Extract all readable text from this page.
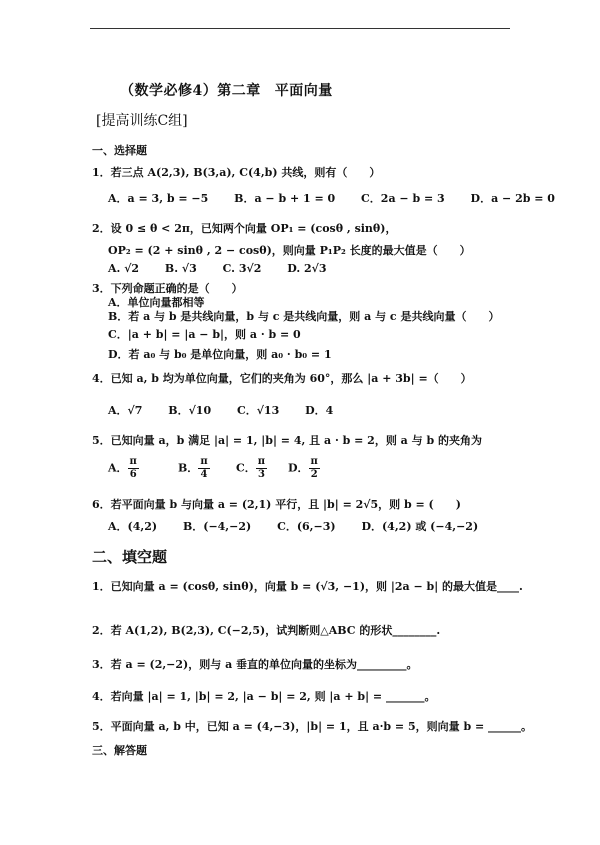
（数学必修4）第二章 平面向量
[提高训练C组]
一、选择题
1．若三点 A(2,3), B(3,a), C(4,b) 共线，则有（　　）
A．a = 3, b = −5 B．a − b + 1 = 0 C．2a − b = 3 D．a − 2b = 0
2．设 0 ≤ θ < 2π，已知两个向量 OP₁ = (cosθ , sinθ)，
OP₂ = (2 + sinθ , 2 − cosθ)，则向量 P₁P₂ 长度的最大值是（　　）
A. √2 B. √3 C. 3√2 D. 2√3
3．下列命题正确的是（　　）
A．单位向量都相等
B．若 a 与 b 是共线向量，b 与 c 是共线向量，则 a 与 c 是共线向量（　　）
C．|a + b| = |a − b|，则 a · b = 0
D．若 a₀ 与 b₀ 是单位向量，则 a₀ · b₀ = 1
4．已知 a, b 均为单位向量，它们的夹角为 60°，那么 |a + 3b| =（　　）
A．√7 B．√10 C．√13 D．4
5．已知向量 a，b 满足 |a| = 1, |b| = 4, 且 a · b = 2，则 a 与 b 的夹角为
A． $\frac{\pi}{6}$	B． $\frac{\pi}{4}$ C． $\frac{\pi}{3}$ D． $\frac{\pi}{2}$
6．若平面向量 b 与向量 a = (2,1) 平行，且 |b| = 2√5，则 b = (　　)
A．(4,2) B．(−4,−2) C．(6,−3) D．(4,2) 或 (−4,−2)
二、填空题
1．已知向量 a = (cosθ, sinθ)，向量 b = (√3, −1)，则 |2a − b| 的最大值是____.
2．若 A(1,2), B(2,3), C(−2,5)，试判断则△ABC 的形状________.
3．若 a = (2,−2)，则与 a 垂直的单位向量的坐标为_________。
4．若向量 |a| = 1, |b| = 2, |a − b| = 2, 则 |a + b| = _______。
5．平面向量 a, b 中，已知 a = (4,−3)，|b| = 1，且 a·b = 5，则向量 b = ______。
三、解答题
